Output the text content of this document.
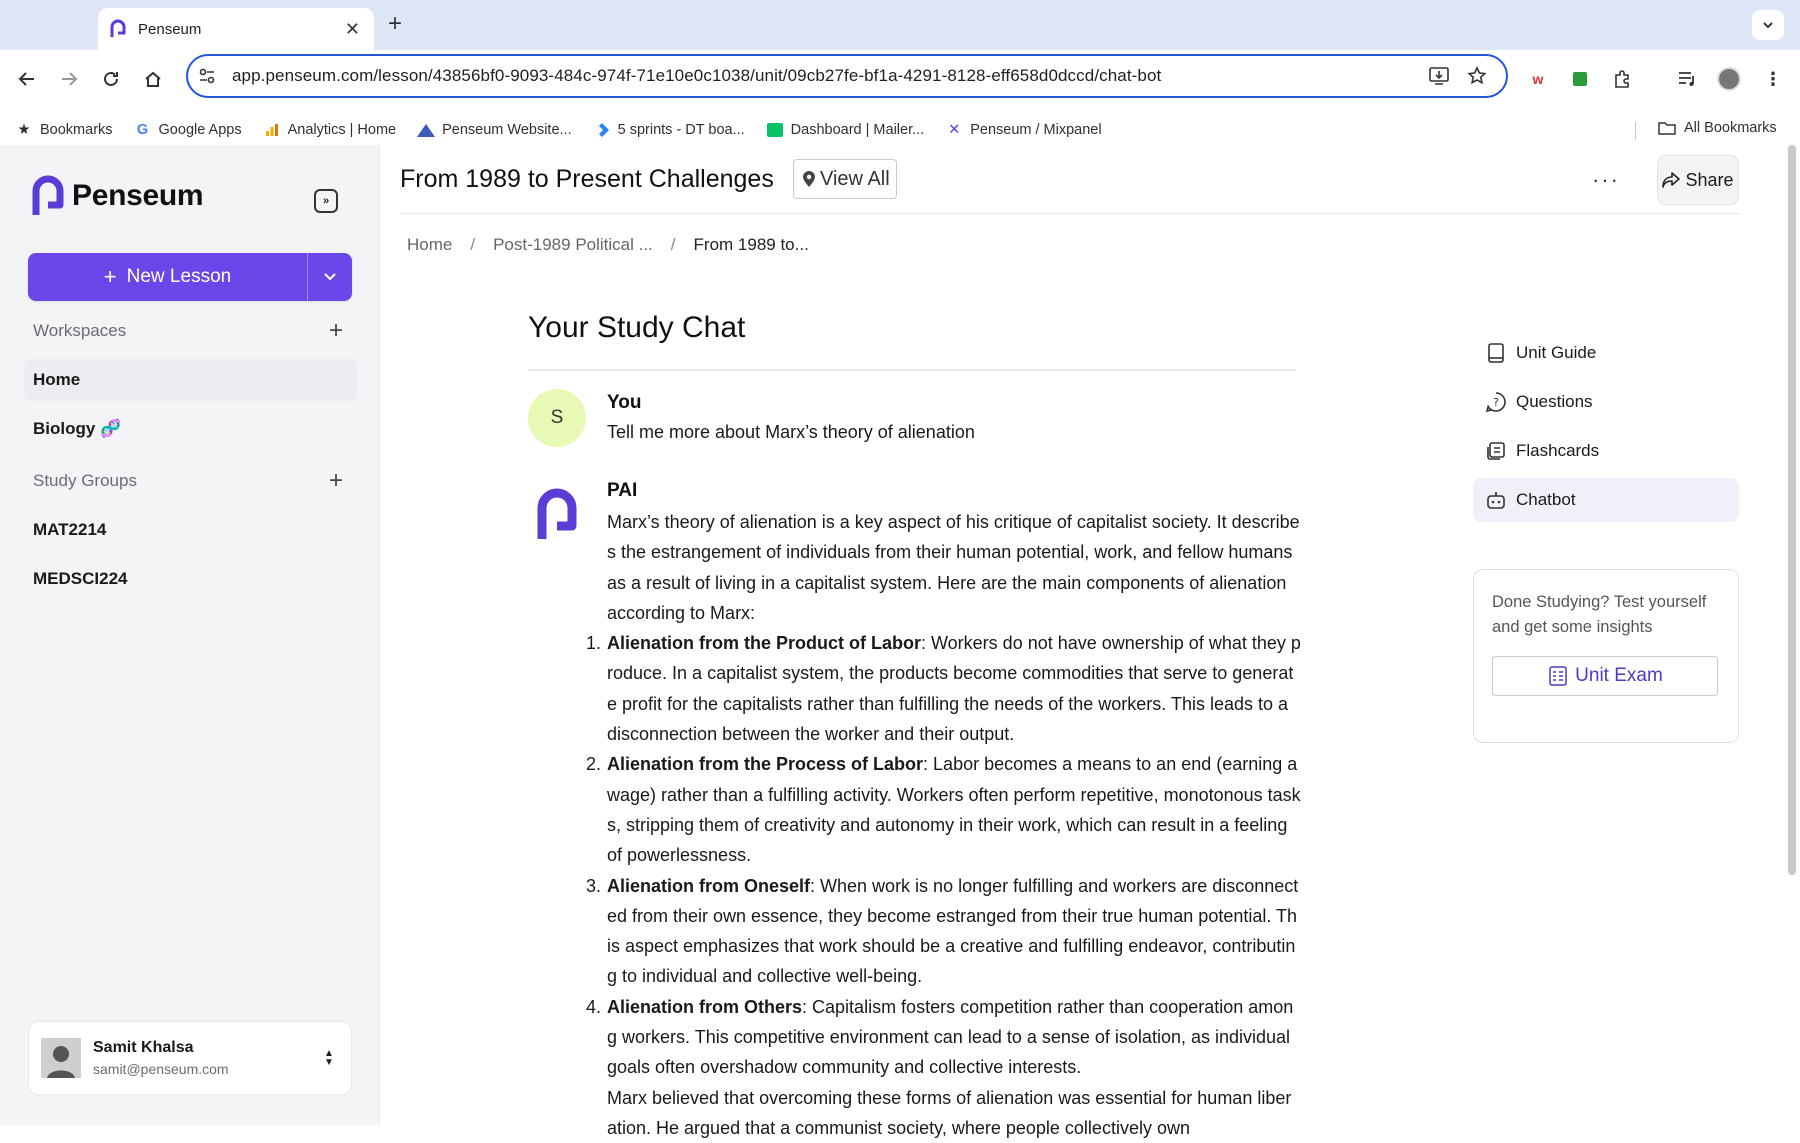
Penseum	✕ +
app.penseum.com/lesson/43856bf0-9093-484c-974f-71e10e0c1038/unit/09cb27fe-bf1a-4291-8128-eff658d0dccd/chat-bot	w	⋮
★ Bookmarks G Google Apps	Analytics | Home	Penseum Website...	5 sprints - DT boa...	Dashboard | Mailer... ✕ Penseum / Mixpanel	All Bookmarks
Penseum	»
+ New Lesson
Workspaces	+
Home
Biology 🧬
Study Groups	+
MAT2214
MEDSCI224
Samit Khalsa
samit@penseum.com
▲
▼
From 1989 to Present Challenges View All	···	Share
Home / Post-1989 Political ... / From 1989 to...
Your Study Chat
S
You
Tell me more about Marx’s theory of alienation
PAI

Marx’s theory of alienation is a key aspect of his critique of capitalist society. It describes the estrangement of individuals from their human potential, work, and fellow humans as a result of living in a capitalist system. Here are the main components of alienation according to Marx:

1. Alienation from the Product of Labor: Workers do not have ownership of what they produce. In a capitalist system, the products become commodities that serve to generate profit for the capitalists rather than fulfilling the needs of the workers. This leads to a disconnection between the worker and their output.
2. Alienation from the Process of Labor: Labor becomes a means to an end (earning a wage) rather than a fulfilling activity. Workers often perform repetitive, monotonous tasks, stripping them of creativity and autonomy in their work, which can result in a feeling of powerlessness.
3. Alienation from Oneself: When work is no longer fulfilling and workers are disconnected from their own essence, they become estranged from their true human potential. This aspect emphasizes that work should be a creative and fulfilling endeavor, contributing to individual and collective well-being.
4. Alienation from Others: Capitalism fosters competition rather than cooperation among workers. This competitive environment can lead to a sense of isolation, as individual goals often overshadow community and collective interests.

Marx believed that overcoming these forms of alienation was essential for human liberation. He argued that a communist society, where people collectively own

Unit Guide
? Questions
Flashcards
Chatbot
Done Studying? Test yourself and get some insights
Unit Exam
